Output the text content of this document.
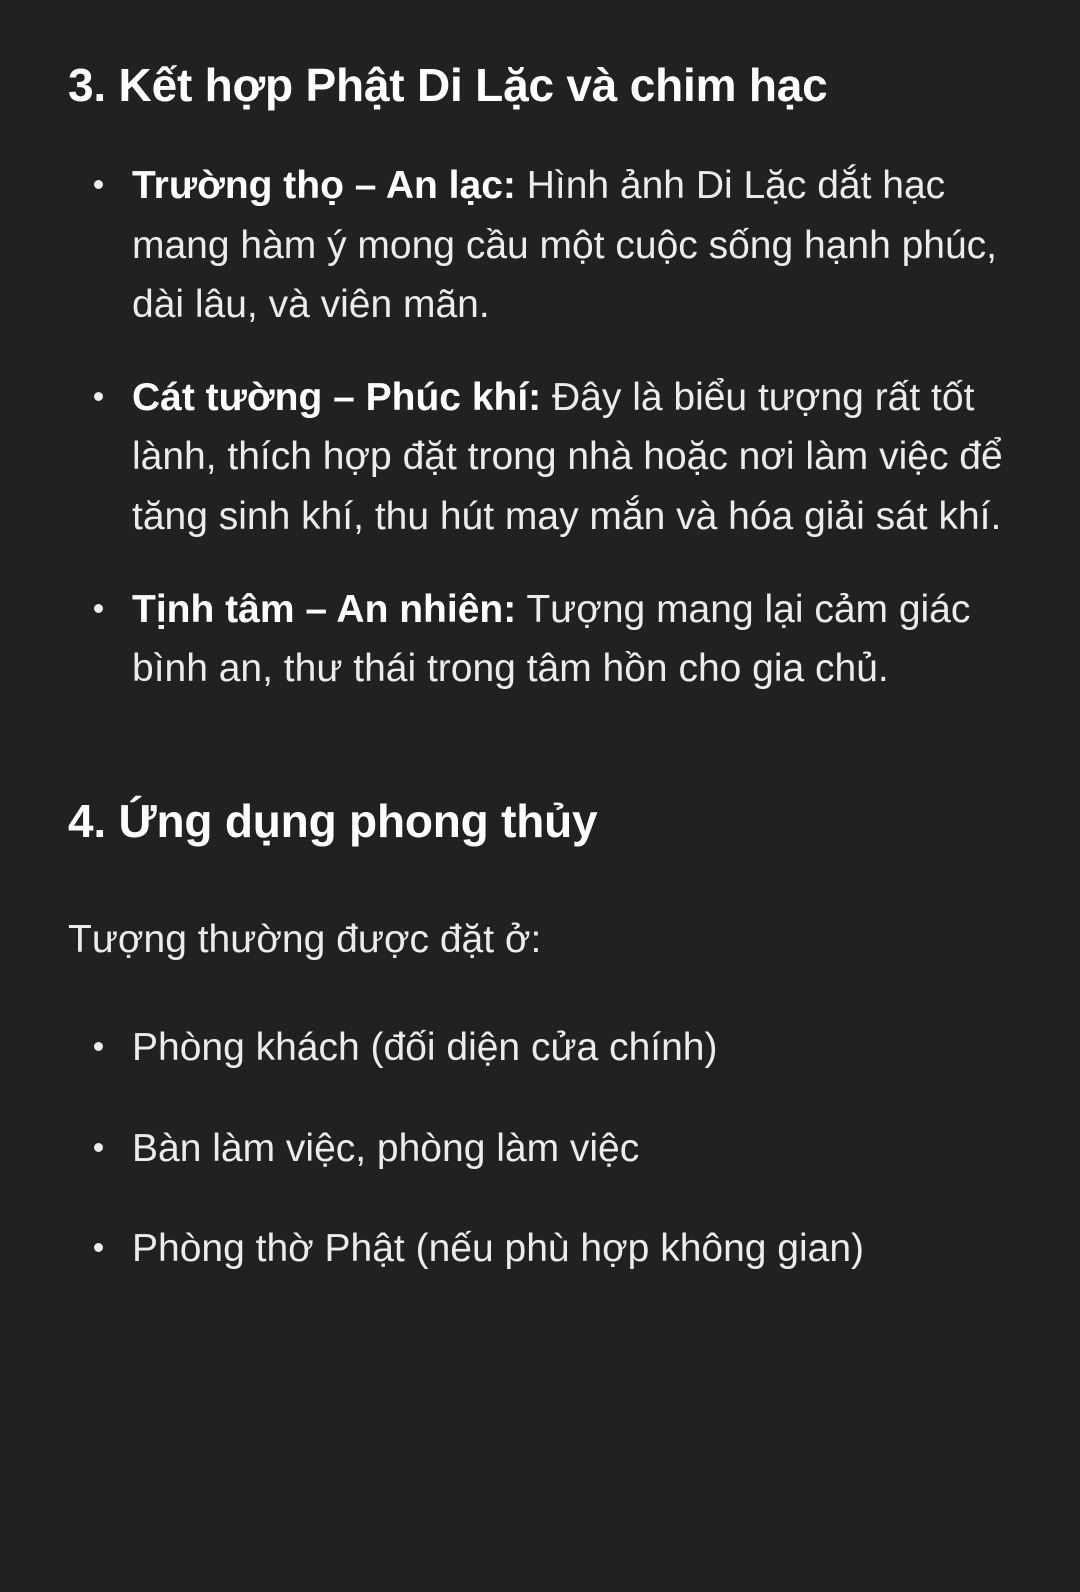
3. Kết hợp Phật Di Lặc và chim hạc
Trường thọ – An lạc: Hình ảnh Di Lặc dắt hạc mang hàm ý mong cầu một cuộc sống hạnh phúc, dài lâu, và viên mãn.
Cát tường – Phúc khí: Đây là biểu tượng rất tốt lành, thích hợp đặt trong nhà hoặc nơi làm việc để tăng sinh khí, thu hút may mắn và hóa giải sát khí.
Tịnh tâm – An nhiên: Tượng mang lại cảm giác bình an, thư thái trong tâm hồn cho gia chủ.
4. Ứng dụng phong thủy

Tượng thường được đặt ở:

Phòng khách (đối diện cửa chính)
Bàn làm việc, phòng làm việc
Phòng thờ Phật (nếu phù hợp không gian)
